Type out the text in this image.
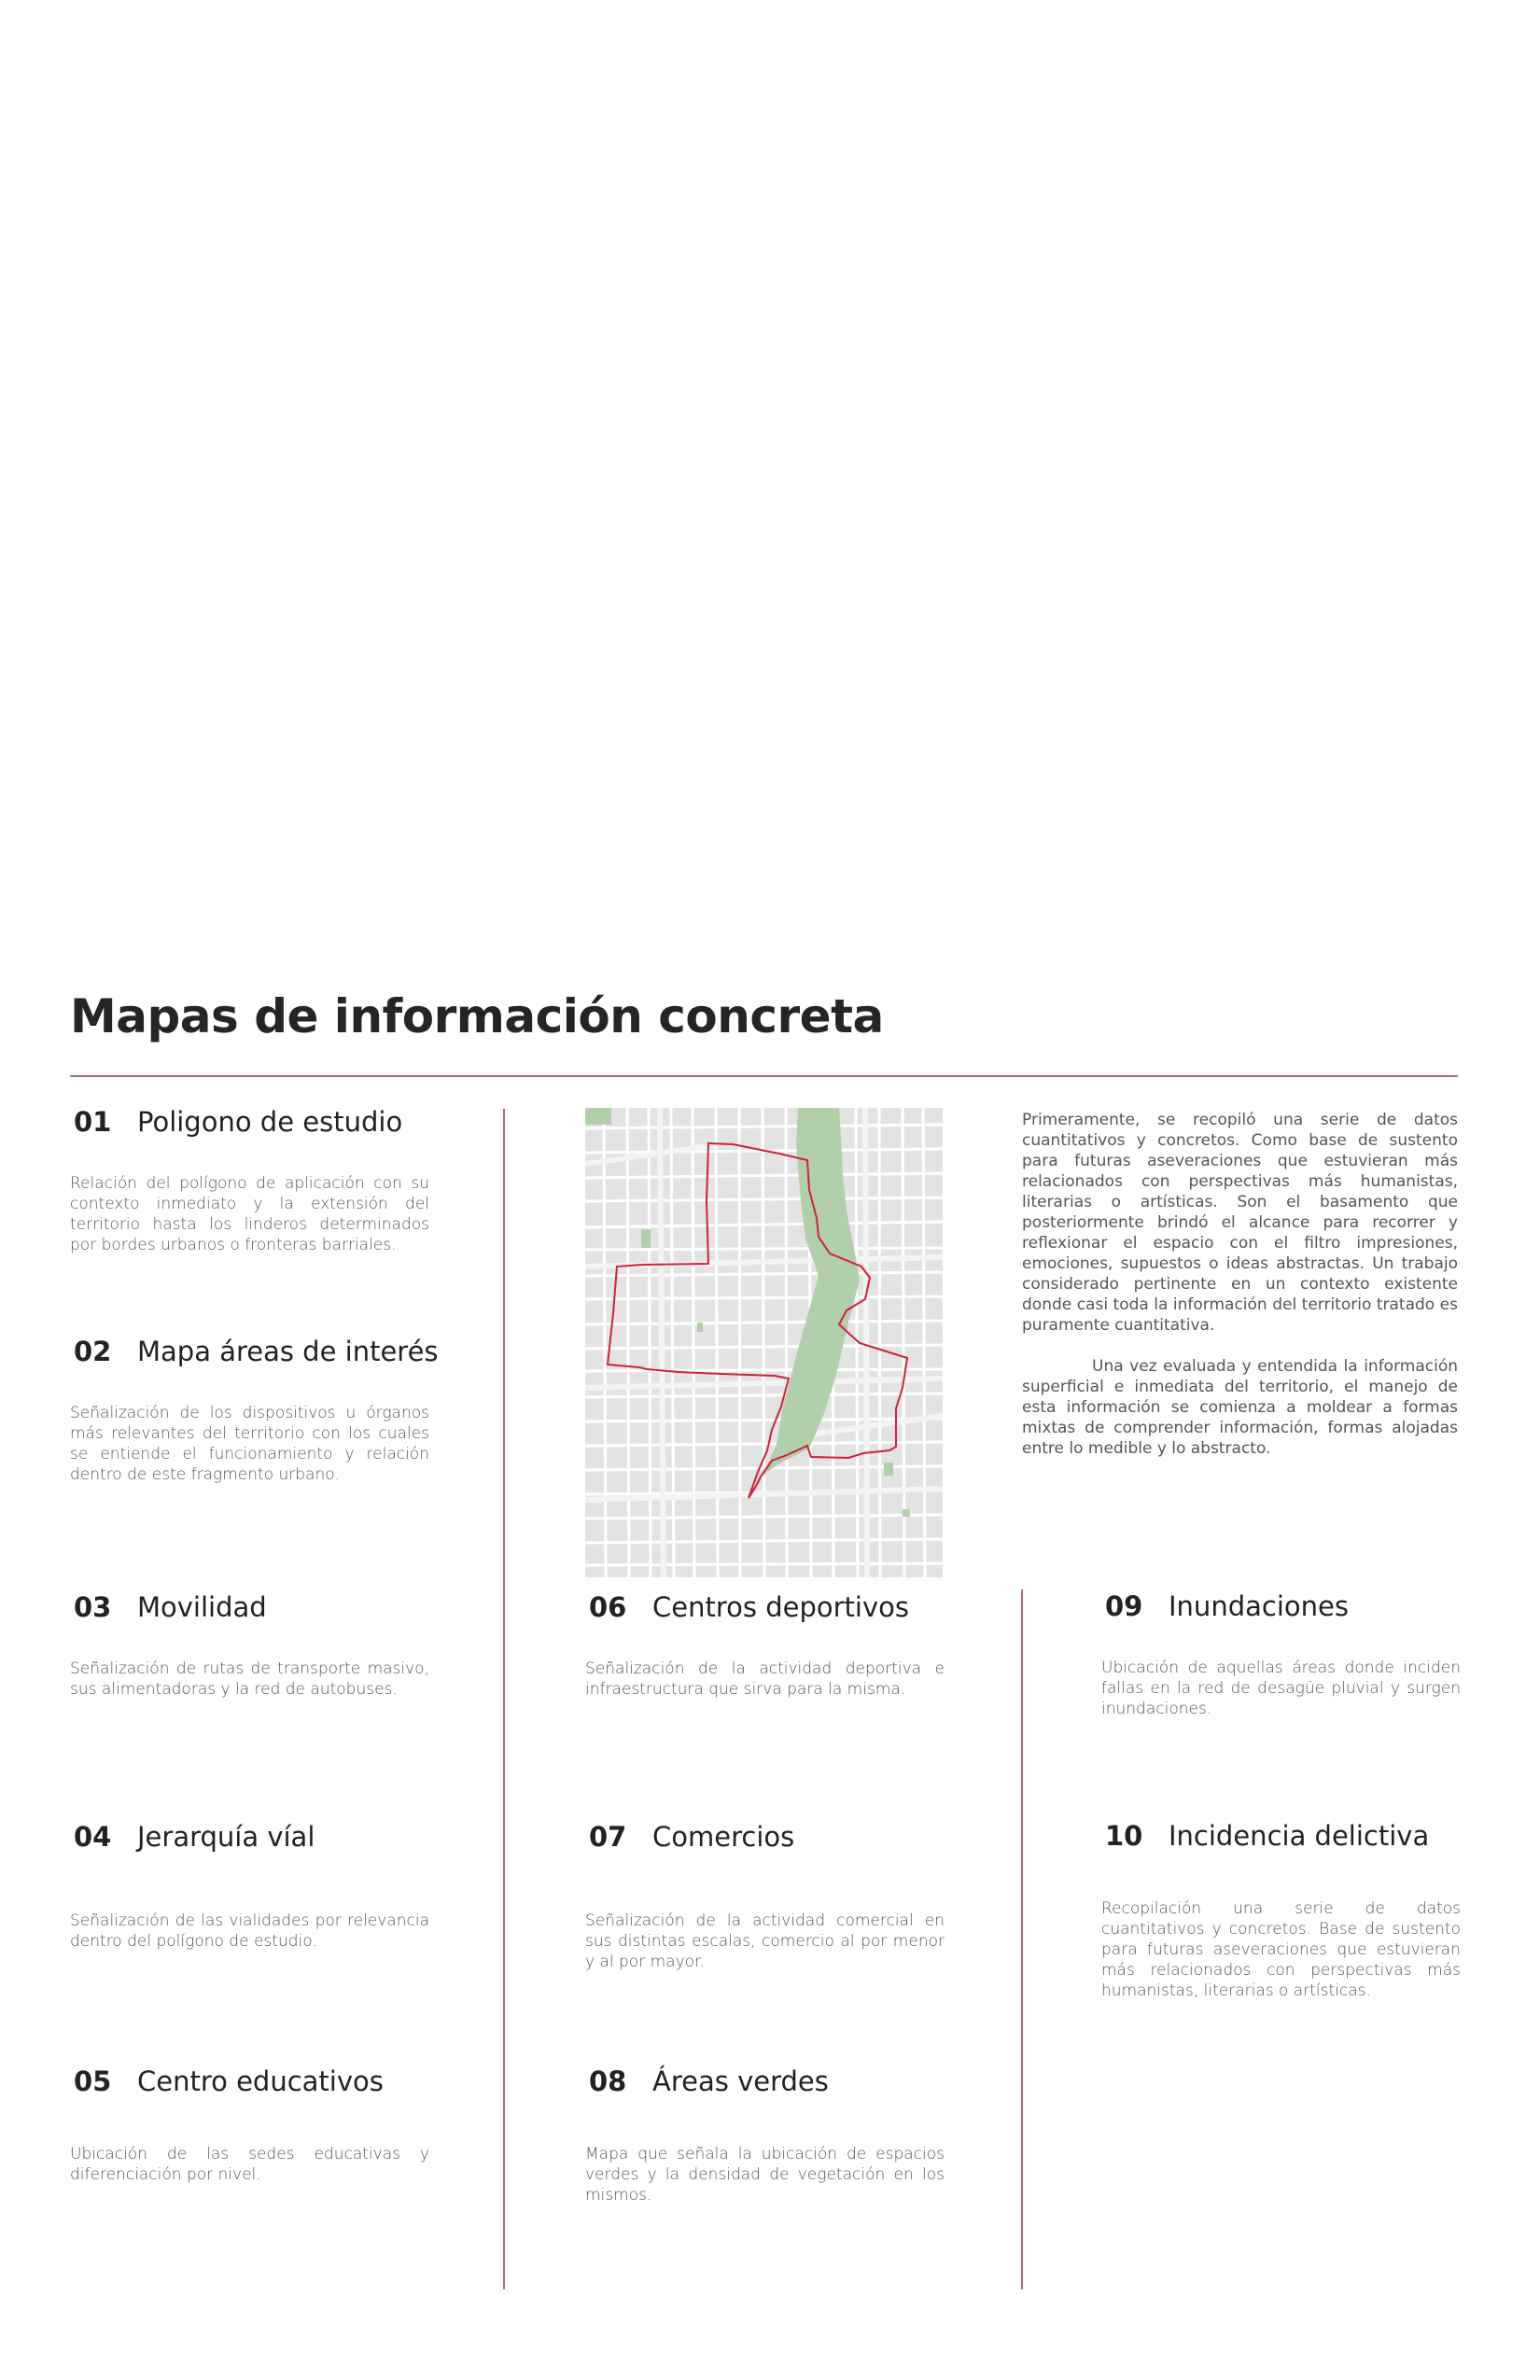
Mapas de información concreta

Primeramente, se recopiló una serie de datos cuantitativos y concretos. Como base de sustento para futuras aseveraciones que estuvieran más relacionados con perspectivas más humanistas, literarias o artísticas. Son el basamento que posteriormente brindó el alcance para recorrer y reflexionar el espacio con el filtro impresiones, emociones, supuestos o ideas abstractas. Un trabajo considerado pertinente en un contexto existente donde casi toda la información del territorio tratado es puramente cuantitativa.

Una vez evaluada y entendida la información superficial e inmediata del territorio, el manejo de esta información se comienza a moldear a formas mixtas de comprender información, formas alojadas entre lo medible y lo abstracto.

01 Poligono de estudio
Relación del polígono de aplicación con su contexto inmediato y la extensión del territorio hasta los linderos determinados por bordes urbanos o fronteras barriales.
02 Mapa áreas de interés
Señalización de los dispositivos u órganos más relevantes del territorio con los cuales se entiende el funcionamiento y relación dentro de este fragmento urbano.
03 Movilidad
Señalización de rutas de transporte masivo, sus alimentadoras y la red de autobuses.
04 Jerarquía víal
Señalización de las vialidades por relevancia dentro del polígono de estudio.
05 Centro educativos
Ubicación de las sedes educativas y diferenciación por nivel.
06 Centros deportivos
Señalización de la actividad deportiva e infraestructura que sirva para la misma.
07 Comercios
Señalización de la actividad comercial en sus distintas escalas, comercio al por menor y al por mayor.
08 Áreas verdes
Mapa que señala la ubicación de espacios verdes y la densidad de vegetación en los mismos.
09 Inundaciones
Ubicación de aquellas áreas donde inciden fallas en la red de desagüe pluvial y surgen inundaciones.
10 Incidencia delictiva
Recopilación una serie de datos cuantitativos y concretos. Base de sustento para futuras aseveraciones que estuvieran más relacionados con perspectivas más humanistas, literarias o artísticas.
